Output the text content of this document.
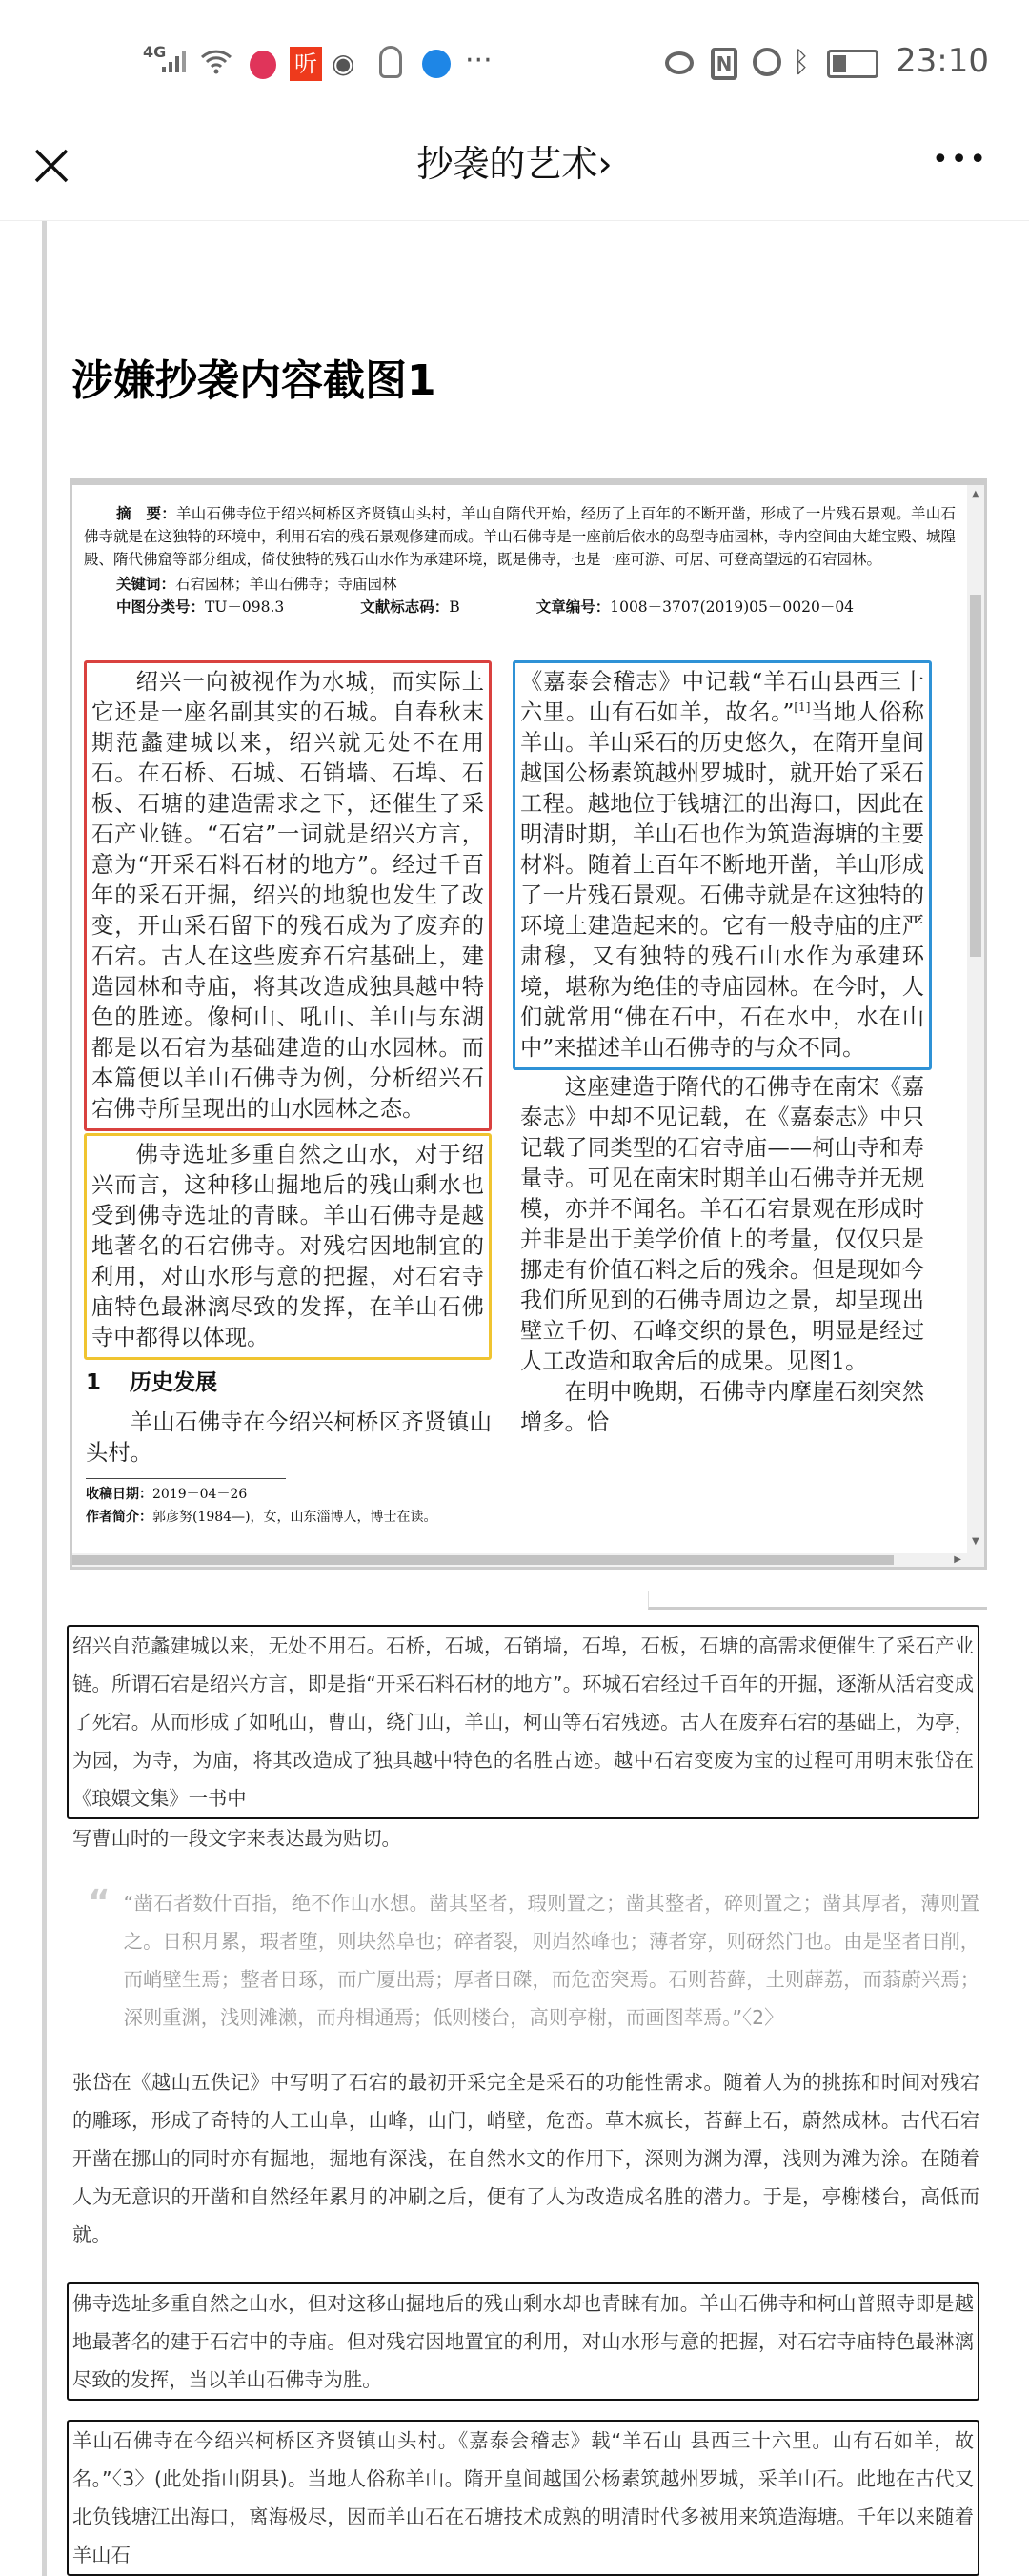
4G	听 ◉	···	N ᛒ	23:10
抄袭的艺术›	•••
涉嫌抄袭内容截图1
摘　要：羊山石佛寺位于绍兴柯桥区齐贤镇山头村，羊山自隋代开始，经历了上百年的不断开凿，形成了一片残石景观。羊山石佛寺就是在这独特的环境中，利用石宕的残石景观修建而成。羊山石佛寺是一座前后依水的岛型寺庙园林，寺内空间由大雄宝殿、城隍殿、隋代佛窟等部分组成，倚仗独特的残石山水作为承建环境，既是佛寺，也是一座可游、可居、可登高望远的石宕园林。
关键词：石宕园林；羊山石佛寺；寺庙园林
中图分类号：TU－098.3	文献标志码：B	文章编号：1008－3707(2019)05－0020－04
绍兴一向被视作为水城，而实际上它还是一座名副其实的石城。自春秋末期范蠡建城以来，绍兴就无处不在用石。在石桥、石城、石销墙、石埠、石板、石塘的建造需求之下，还催生了采石产业链。“石宕”一词就是绍兴方言，意为“开采石料石材的地方”。经过千百年的采石开掘，绍兴的地貌也发生了改变，开山采石留下的残石成为了废弃的石宕。古人在这些废弃石宕基础上，建造园林和寺庙，将其改造成独具越中特色的胜迹。像柯山、吼山、羊山与东湖都是以石宕为基础建造的山水园林。而本篇便以羊山石佛寺为例，分析绍兴石宕佛寺所呈现出的山水园林之态。
佛寺选址多重自然之山水，对于绍兴而言，这种移山掘地后的残山剩水也受到佛寺选址的青睐。羊山石佛寺是越地著名的石宕佛寺。对残宕因地制宜的利用，对山水形与意的把握，对石宕寺庙特色最淋漓尽致的发挥，在羊山石佛寺中都得以体现。
1 历史发展
羊山石佛寺在今绍兴柯桥区齐贤镇山头村。
收稿日期：2019－04－26
作者简介：郭彦努(1984—)，女，山东淄博人，博士在读。
《嘉泰会稽志》中记载“羊石山县西三十六里。山有石如羊，故名。”[1]当地人俗称羊山。羊山采石的历史悠久，在隋开皇间越国公杨素筑越州罗城时，就开始了采石工程。越地位于钱塘江的出海口，因此在明清时期，羊山石也作为筑造海塘的主要材料。随着上百年不断地开凿，羊山形成了一片残石景观。石佛寺就是在这独特的环境上建造起来的。它有一般寺庙的庄严肃穆，又有独特的残石山水作为承建环境，堪称为绝佳的寺庙园林。在今时，人们就常用“佛在石中，石在水中，水在山中”来描述羊山石佛寺的与众不同。
这座建造于隋代的石佛寺在南宋《嘉泰志》中却不见记载，在《嘉泰志》中只记载了同类型的石宕寺庙——柯山寺和寿量寺。可见在南宋时期羊山石佛寺并无规模，亦并不闻名。羊石石宕景观在形成时并非是出于美学价值上的考量，仅仅只是挪走有价值石料之后的残余。但是现如今我们所见到的石佛寺周边之景，却呈现出壁立千仞、石峰交织的景色，明显是经过人工改造和取舍后的成果。见图1。
在明中晚期，石佛寺内摩崖石刻突然增多。恰
▲
▼
▶
绍兴自范蠡建城以来，无处不用石。石桥，石城，石销墙，石埠，石板，石塘的高需求便催生了采石产业链。所谓石宕是绍兴方言，即是指“开采石料石材的地方”。环城石宕经过千百年的开掘，逐渐从活宕变成了死宕。从而形成了如吼山，曹山，绕门山，羊山，柯山等石宕残迹。古人在废弃石宕的基础上，为亭，为园，为寺，为庙，将其改造成了独具越中特色的名胜古迹。越中石宕变废为宝的过程可用明末张岱在《琅嬛文集》一书中
写曹山时的一段文字来表达最为贴切。
“ “凿石者数什百指，绝不作山水想。凿其坚者，瑕则置之；凿其整者，碎则置之；凿其厚者，薄则置之。日积月累，瑕者堕，则块然阜也；碎者裂，则岿然峰也；薄者穿，则砑然门也。由是坚者日削，而峭壁生焉；整者日琢，而广厦出焉；厚者日磔，而危峦突焉。石则苔藓，土则薜荔，而蓊蔚兴焉；深则重渊，浅则滩濑，而舟楫通焉；低则楼台，高则亭榭，而画图萃焉。”〈2〉
张岱在《越山五佚记》中写明了石宕的最初开采完全是采石的功能性需求。随着人为的挑拣和时间对残宕的雕琢，形成了奇特的人工山阜，山峰，山门，峭壁，危峦。草木疯长，苔藓上石，蔚然成林。古代石宕开凿在挪山的同时亦有掘地，掘地有深浅，在自然水文的作用下，深则为渊为潭，浅则为滩为涂。在随着人为无意识的开凿和自然经年累月的冲刷之后，便有了人为改造成名胜的潜力。于是，亭榭楼台，高低而就。
佛寺选址多重自然之山水，但对这移山掘地后的残山剩水却也青睐有加。羊山石佛寺和柯山普照寺即是越地最著名的建于石宕中的寺庙。但对残宕因地置宜的利用，对山水形与意的把握，对石宕寺庙特色最淋漓尽致的发挥，当以羊山石佛寺为胜。
羊山石佛寺在今绍兴柯桥区齐贤镇山头村。《嘉泰会稽志》载“羊石山 县西三十六里。山有石如羊，故名。”〈3〉(此处指山阴县)。当地人俗称羊山。隋开皇间越国公杨素筑越州罗城，采羊山石。此地在古代又北负钱塘江出海口，离海极尽，因而羊山石在石塘技术成熟的明清时代多被用来筑造海塘。千年以来随着羊山石
